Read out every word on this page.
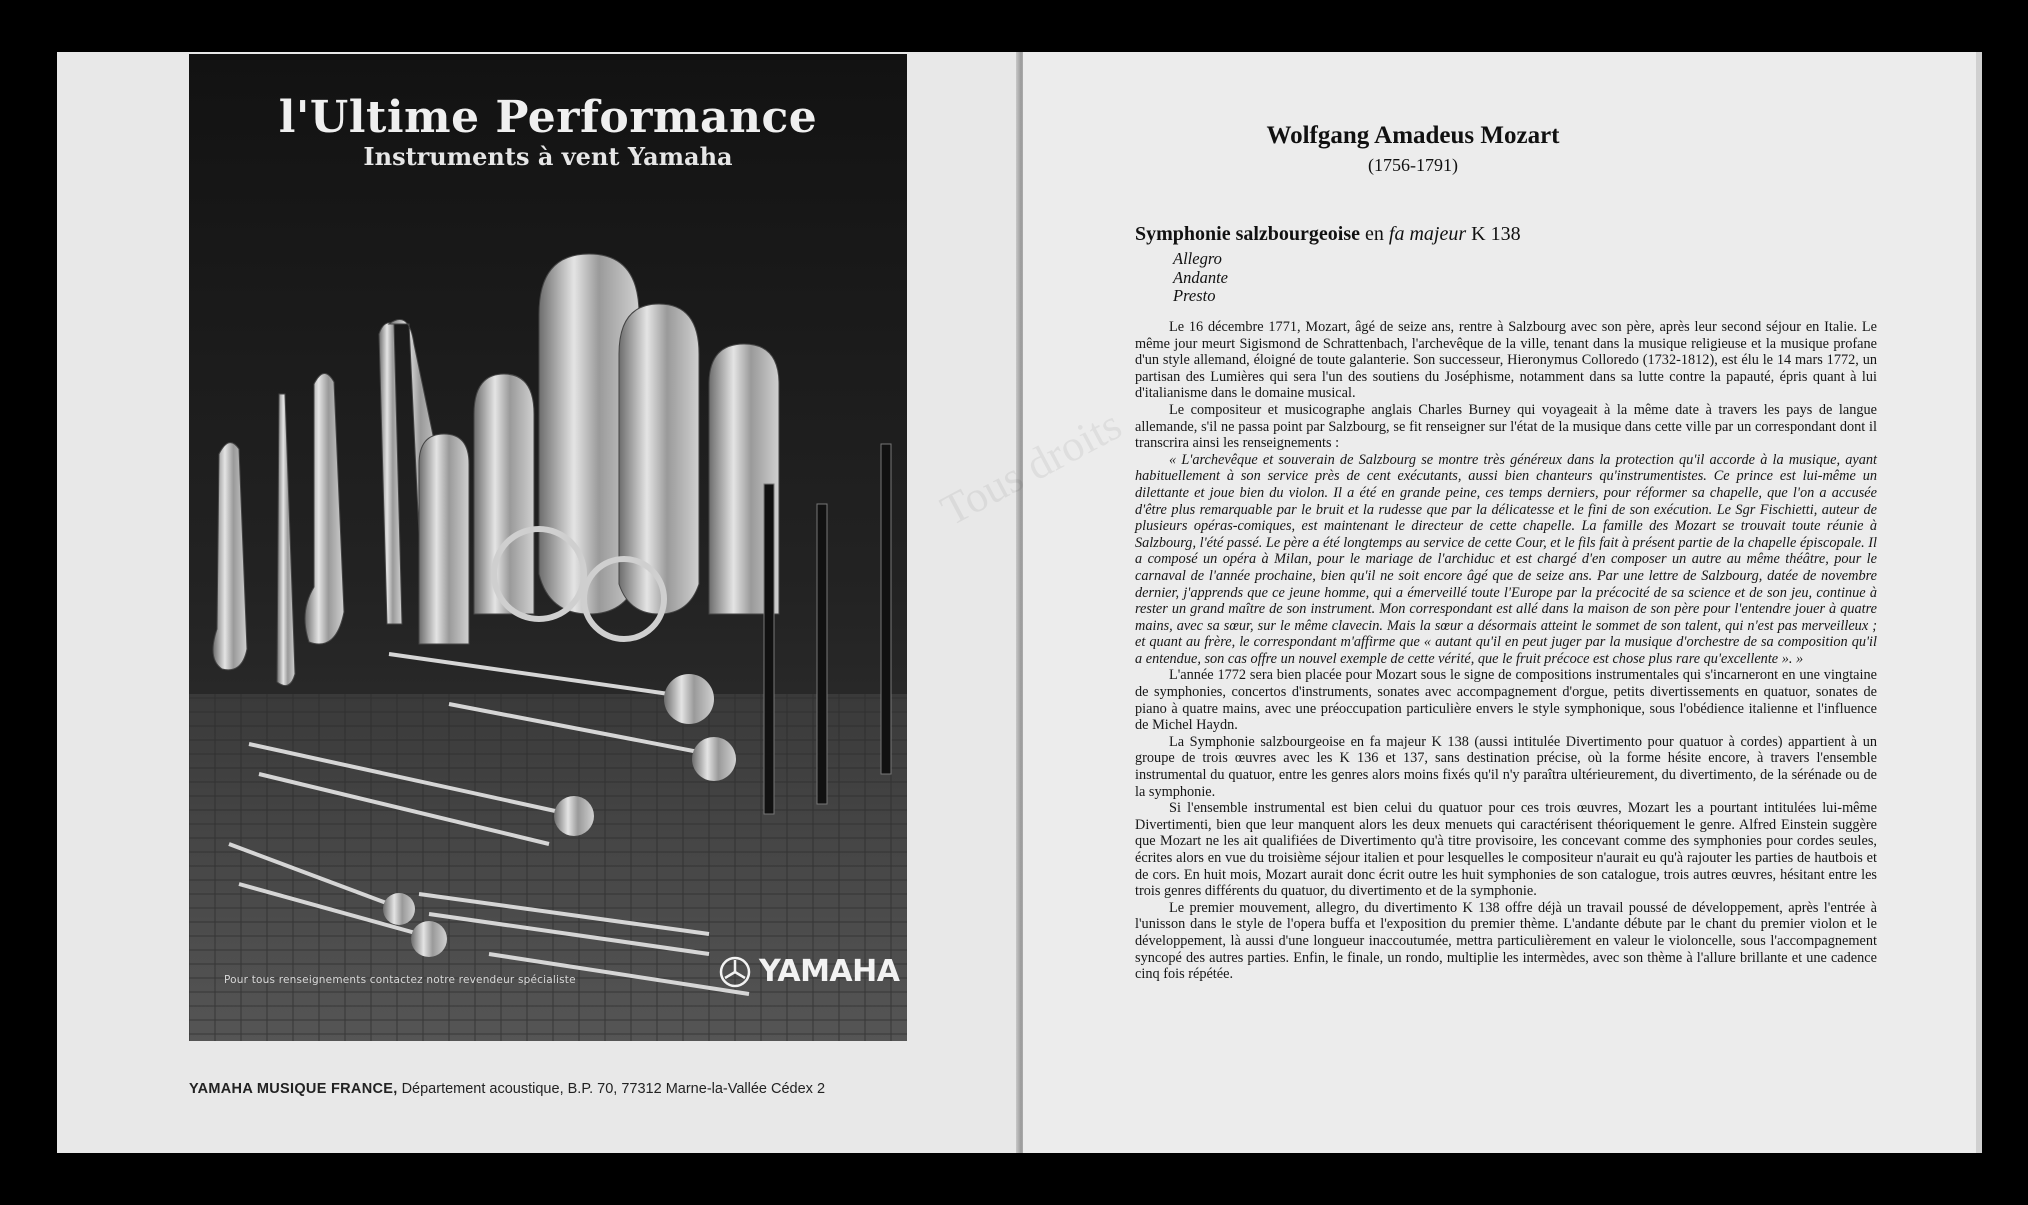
l'Ultime Performance
Instruments à vent Yamaha
Pour tous renseignements contactez notre revendeur spécialiste	YAMAHA
YAMAHA MUSIQUE FRANCE, Département acoustique, B.P. 70, 77312 Marne-la-Vallée Cédex 2
Tous droits
Wolfgang Amadeus Mozart
(1756-1791)
Symphonie salzbourgeoise en fa majeur K 138
Allegro
Andante
Presto

Le 16 décembre 1771, Mozart, âgé de seize ans, rentre à Salzbourg avec son père, après leur second séjour en Italie. Le même jour meurt Sigismond de Schrattenbach, l'archevêque de la ville, tenant dans la musique religieuse et la musique profane d'un style allemand, éloigné de toute galanterie. Son successeur, Hieronymus Colloredo (1732-1812), est élu le 14 mars 1772, un partisan des Lumières qui sera l'un des soutiens du Joséphisme, notamment dans sa lutte contre la papauté, épris quant à lui d'italianisme dans le domaine musical.

Le compositeur et musicographe anglais Charles Burney qui voyageait à la même date à travers les pays de langue allemande, s'il ne passa point par Salzbourg, se fit renseigner sur l'état de la musique dans cette ville par un correspondant dont il transcrira ainsi les renseignements :

« L'archevêque et souverain de Salzbourg se montre très généreux dans la protection qu'il accorde à la musique, ayant habituellement à son service près de cent exécutants, aussi bien chanteurs qu'instrumentistes. Ce prince est lui-même un dilettante et joue bien du violon. Il a été en grande peine, ces temps derniers, pour réformer sa chapelle, que l'on a accusée d'être plus remarquable par le bruit et la rudesse que par la délicatesse et le fini de son exécution. Le Sgr Fischietti, auteur de plusieurs opéras-comiques, est maintenant le directeur de cette chapelle. La famille des Mozart se trouvait toute réunie à Salzbourg, l'été passé. Le père a été longtemps au service de cette Cour, et le fils fait à présent partie de la chapelle épiscopale. Il a composé un opéra à Milan, pour le mariage de l'archiduc et est chargé d'en composer un autre au même théâtre, pour le carnaval de l'année prochaine, bien qu'il ne soit encore âgé que de seize ans. Par une lettre de Salzbourg, datée de novembre dernier, j'apprends que ce jeune homme, qui a émerveillé toute l'Europe par la précocité de sa science et de son jeu, continue à rester un grand maître de son instrument. Mon correspondant est allé dans la maison de son père pour l'entendre jouer à quatre mains, avec sa sœur, sur le même clavecin. Mais la sœur a désormais atteint le sommet de son talent, qui n'est pas merveilleux ; et quant au frère, le correspondant m'affirme que « autant qu'il en peut juger par la musique d'orchestre de sa composition qu'il a entendue, son cas offre un nouvel exemple de cette vérité, que le fruit précoce est chose plus rare qu'excellente ». »

L'année 1772 sera bien placée pour Mozart sous le signe de compositions instrumentales qui s'incarneront en une vingtaine de symphonies, concertos d'instruments, sonates avec accompagnement d'orgue, petits divertissements en quatuor, sonates de piano à quatre mains, avec une préoccupation particulière envers le style symphonique, sous l'obédience italienne et l'influence de Michel Haydn.

La Symphonie salzbourgeoise en fa majeur K 138 (aussi intitulée Divertimento pour quatuor à cordes) appartient à un groupe de trois œuvres avec les K 136 et 137, sans destination précise, où la forme hésite encore, à travers l'ensemble instrumental du quatuor, entre les genres alors moins fixés qu'il n'y paraîtra ultérieurement, du divertimento, de la sérénade ou de la symphonie.

Si l'ensemble instrumental est bien celui du quatuor pour ces trois œuvres, Mozart les a pourtant intitulées lui-même Divertimenti, bien que leur manquent alors les deux menuets qui caractérisent théoriquement le genre. Alfred Einstein suggère que Mozart ne les ait qualifiées de Divertimento qu'à titre provisoire, les concevant comme des symphonies pour cordes seules, écrites alors en vue du troisième séjour italien et pour lesquelles le compositeur n'aurait eu qu'à rajouter les parties de hautbois et de cors. En huit mois, Mozart aurait donc écrit outre les huit symphonies de son catalogue, trois autres œuvres, hésitant entre les trois genres différents du quatuor, du divertimento et de la symphonie.

Le premier mouvement, allegro, du divertimento K 138 offre déjà un travail poussé de développement, après l'entrée à l'unisson dans le style de l'opera buffa et l'exposition du premier thème. L'andante débute par le chant du premier violon et le développement, là aussi d'une longueur inaccoutumée, mettra particulièrement en valeur le violoncelle, sous l'accompagnement syncopé des autres parties. Enfin, le finale, un rondo, multiplie les intermèdes, avec son thème à l'allure brillante et une cadence cinq fois répétée.
